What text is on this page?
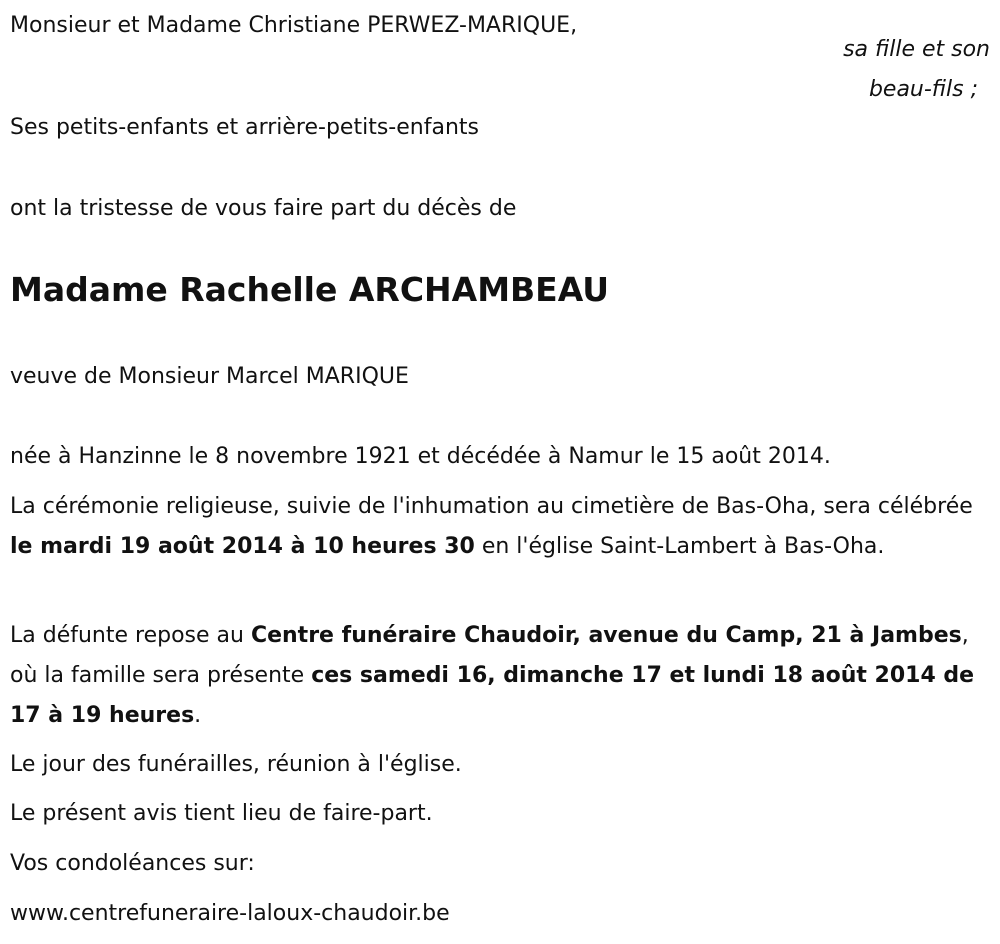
Monsieur et Madame Christiane PERWEZ-MARIQUE,
sa fille et son
beau-fils ;
Ses petits-enfants et arrière-petits-enfants
ont la tristesse de vous faire part du décès de
Madame Rachelle ARCHAMBEAU
veuve de Monsieur Marcel MARIQUE
née à Hanzinne le 8 novembre 1921 et décédée à Namur le 15 août 2014.
La cérémonie religieuse, suivie de l'inhumation au cimetière de Bas-Oha, sera célébrée le mardi 19 août 2014 à 10 heures 30 en l'église Saint-Lambert à Bas-Oha.
La défunte repose au Centre funéraire Chaudoir, avenue du Camp, 21 à Jambes, où la famille sera présente ces samedi 16, dimanche 17 et lundi 18 août 2014 de 17 à 19 heures.
Le jour des funérailles, réunion à l'église.
Le présent avis tient lieu de faire-part.
Vos condoléances sur:
www.centrefuneraire-laloux-chaudoir.be
